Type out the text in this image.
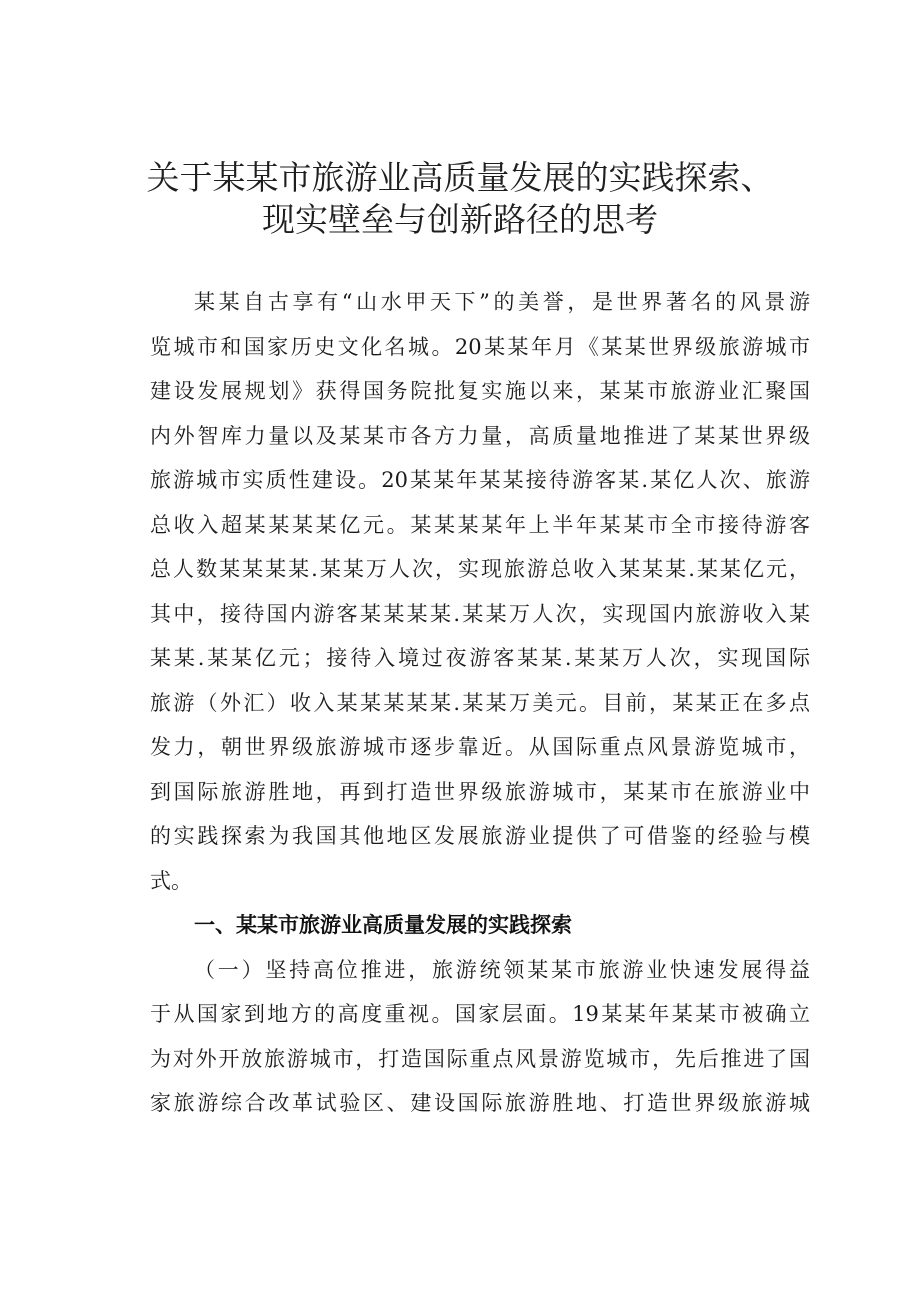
关于某某市旅游业高质量发展的实践探索、
现实壁垒与创新路径的思考
某某自古享有“山水甲天下”的美誉，是世界著名的风景游
览城市和国家历史文化名城。20某某年月《某某世界级旅游城市
建设发展规划》获得国务院批复实施以来，某某市旅游业汇聚国
内外智库力量以及某某市各方力量，高质量地推进了某某世界级
旅游城市实质性建设。20某某年某某接待游客某.某亿人次、旅游
总收入超某某某某亿元。某某某某年上半年某某市全市接待游客
总人数某某某某.某某万人次，实现旅游总收入某某某.某某亿元，
其中，接待国内游客某某某某.某某万人次，实现国内旅游收入某
某某.某某亿元；接待入境过夜游客某某.某某万人次，实现国际
旅游（外汇）收入某某某某某.某某万美元。目前，某某正在多点
发力，朝世界级旅游城市逐步靠近。从国际重点风景游览城市，
到国际旅游胜地，再到打造世界级旅游城市，某某市在旅游业中
的实践探索为我国其他地区发展旅游业提供了可借鉴的经验与模
式。
一、某某市旅游业高质量发展的实践探索
（一）坚持高位推进，旅游统领某某市旅游业快速发展得益
于从国家到地方的高度重视。国家层面。19某某年某某市被确立
为对外开放旅游城市，打造国际重点风景游览城市，先后推进了国
家旅游综合改革试验区、建设国际旅游胜地、打造世界级旅游城
